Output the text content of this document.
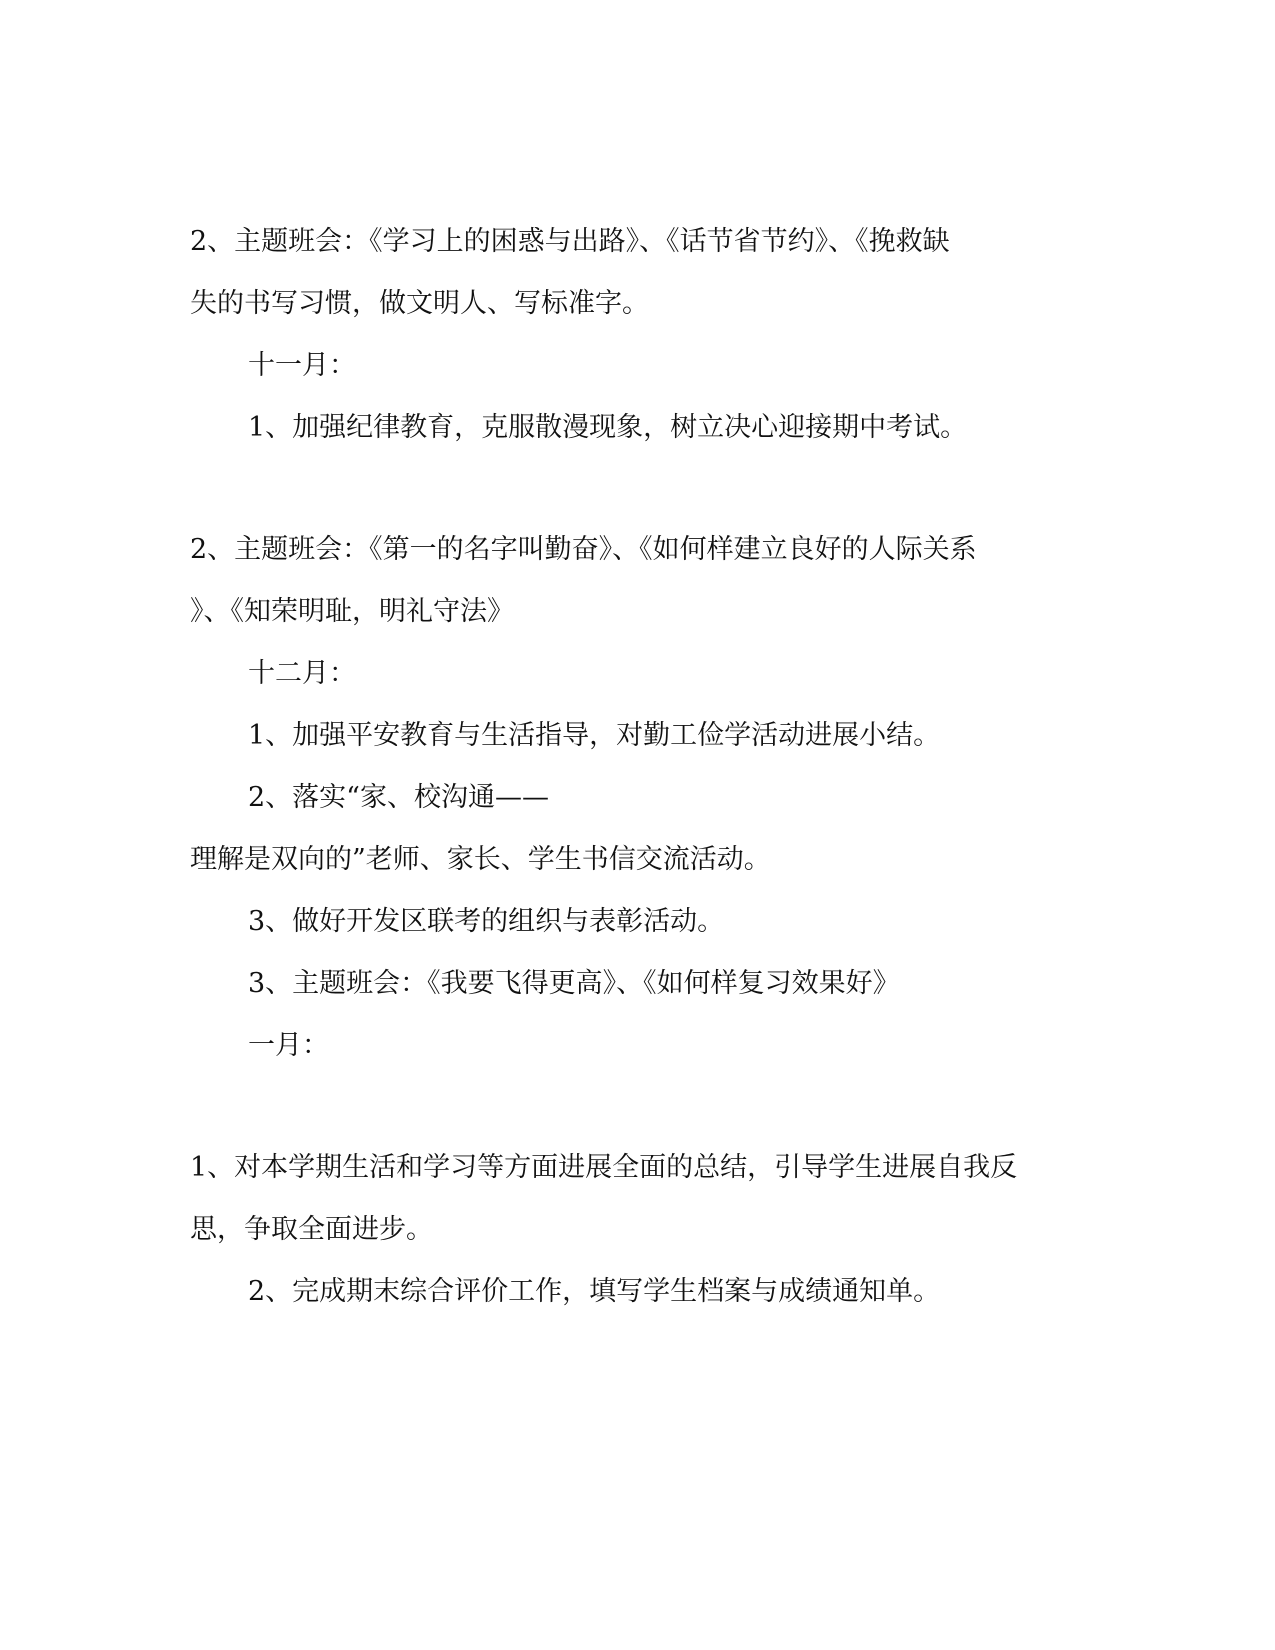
2、主题班会：《学习上的困惑与出路》、《话节省节约》、《挽救缺

失的书写习惯，做文明人、写标准字。

十一月：

1、加强纪律教育，克服散漫现象，树立决心迎接期中考试。

2、主题班会：《第一的名字叫勤奋》、《如何样建立良好的人际关系

》、《知荣明耻，明礼守法》

十二月：

1、加强平安教育与生活指导，对勤工俭学活动进展小结。

2、落实“家、校沟通——

理解是双向的”老师、家长、学生书信交流活动。

3、做好开发区联考的组织与表彰活动。

3、主题班会：《我要飞得更高》、《如何样复习效果好》

一月：

1、对本学期生活和学习等方面进展全面的总结，引导学生进展自我反

思，争取全面进步。

2、完成期末综合评价工作，填写学生档案与成绩通知单。
